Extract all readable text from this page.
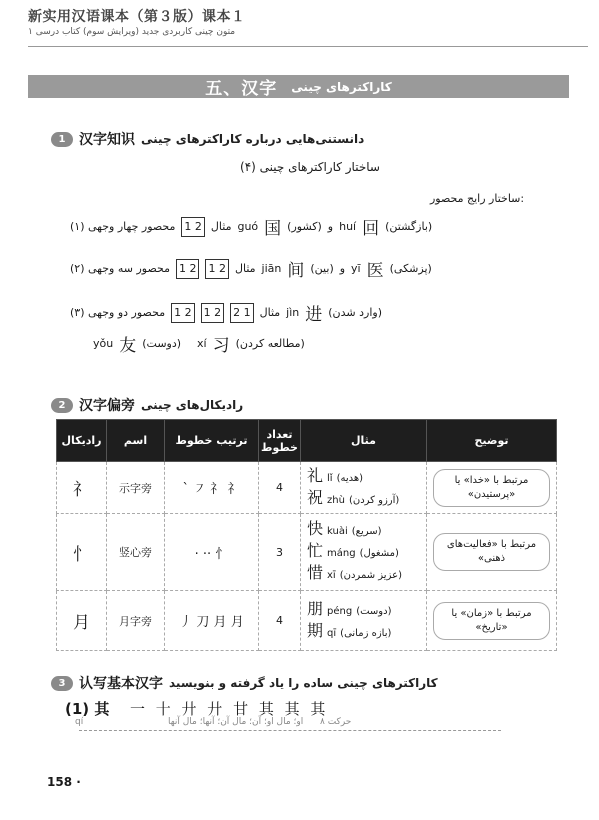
新实用汉语课本（第３版）课本１
متون چینی کاربردی جدید (ویرایش سوم) کتاب درسی ۱
五、汉字 کاراکترهای چینی
1 汉字知识 دانستنی‌هایی درباره کاراکترهای چینی
ساختار کاراکترهای چینی (۴)
ساختار رایج محصور:
(۱) محصور چهار وجهی 1 2 مثال guó 国 (کشور) و huí 回 (بازگشتن)
(۲) محصور سه وجهی 1 2 1 2 مثال jiān 间 (بین) و yī 医 (پزشکی)
(۳) محصور دو وجهی 1 2 1 2 2 1 مثال jìn 进 (وارد شدن)
yǒu 友 (دوست) xí 习 (مطالعه کردن)
2 汉字偏旁 رادیکال‌های چینی
رادیکال	اسم	ترتیب خطوط	تعداد خطوط	مثال	توضیح
礻	示字旁	` ㇇ 礻 礻	4	礼lǐ (هدیه)
祝zhù (آرزو کردن)	مرتبط با «خدا» یا «پرستیدن»

忄	竖心旁	· ·· 忄	3	快kuài (سریع)
忙máng (مشغول)
惜xī (عزیز شمردن)	مرتبط با «فعالیت‌های ذهنی»

月	月字旁	丿 刀 月 月	4	朋péng (دوست)
期qī (بازه زمانی)	مرتبط با «زمان» یا «تاریخ»
3 认写基本汉字 کاراکترهای چینی ساده را یاد گرفته و بنویسید
(1) 其 一 十 廾 廾 甘 其 其 其
qí	او؛ مال او؛ آن؛ مال آن؛ آنها؛ مال آنها ۸ حرکت
158 ·
